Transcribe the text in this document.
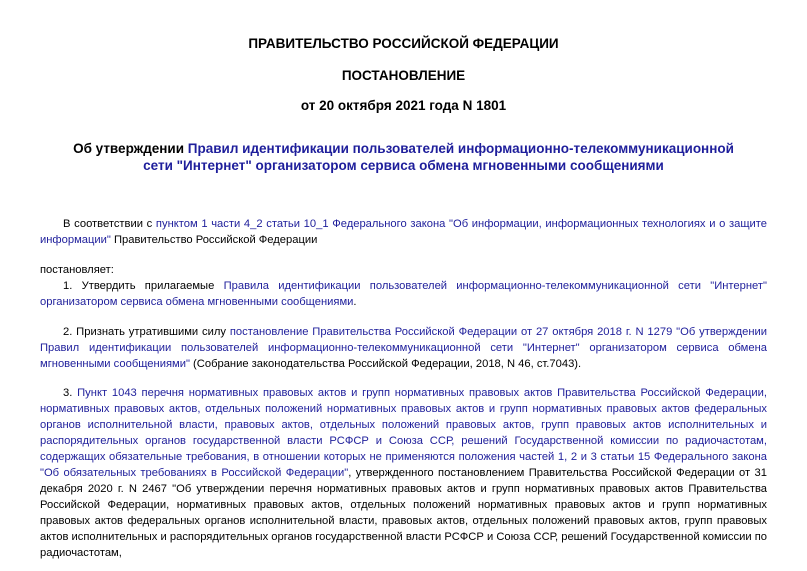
ПРАВИТЕЛЬСТВО РОССИЙСКОЙ ФЕДЕРАЦИИ

ПОСТАНОВЛЕНИЕ

от 20 октября 2021 года N 1801

Об утверждении Правил идентификации пользователей информационно-телекоммуникационной сети "Интернет" организатором сервиса обмена мгновенными сообщениями

В соответствии с пунктом 1 части 4_2 статьи 10_1 Федерального закона "Об информации, информационных технологиях и о защите информации" Правительство Российской Федерации

постановляет:

1. Утвердить прилагаемые Правила идентификации пользователей информационно-телекоммуникационной сети "Интернет" организатором сервиса обмена мгновенными сообщениями.

2. Признать утратившими силу постановление Правительства Российской Федерации от 27 октября 2018 г. N 1279 "Об утверждении Правил идентификации пользователей информационно-телекоммуникационной сети "Интернет" организатором сервиса обмена мгновенными сообщениями" (Собрание законодательства Российской Федерации, 2018, N 46, ст.7043).

3. Пункт 1043 перечня нормативных правовых актов и групп нормативных правовых актов Правительства Российской Федерации, нормативных правовых актов, отдельных положений нормативных правовых актов и групп нормативных правовых актов федеральных органов исполнительной власти, правовых актов, отдельных положений правовых актов, групп правовых актов исполнительных и распорядительных органов государственной власти РСФСР и Союза ССР, решений Государственной комиссии по радиочастотам, содержащих обязательные требования, в отношении которых не применяются положения частей 1, 2 и 3 статьи 15 Федерального закона "Об обязательных требованиях в Российской Федерации", утвержденного постановлением Правительства Российской Федерации от 31 декабря 2020 г. N 2467 "Об утверждении перечня нормативных правовых актов и групп нормативных правовых актов Правительства Российской Федерации, нормативных правовых актов, отдельных положений нормативных правовых актов и групп нормативных правовых актов федеральных органов исполнительной власти, правовых актов, отдельных положений правовых актов, групп правовых актов исполнительных и распорядительных органов государственной власти РСФСР и Союза ССР, решений Государственной комиссии по радиочастотам,
